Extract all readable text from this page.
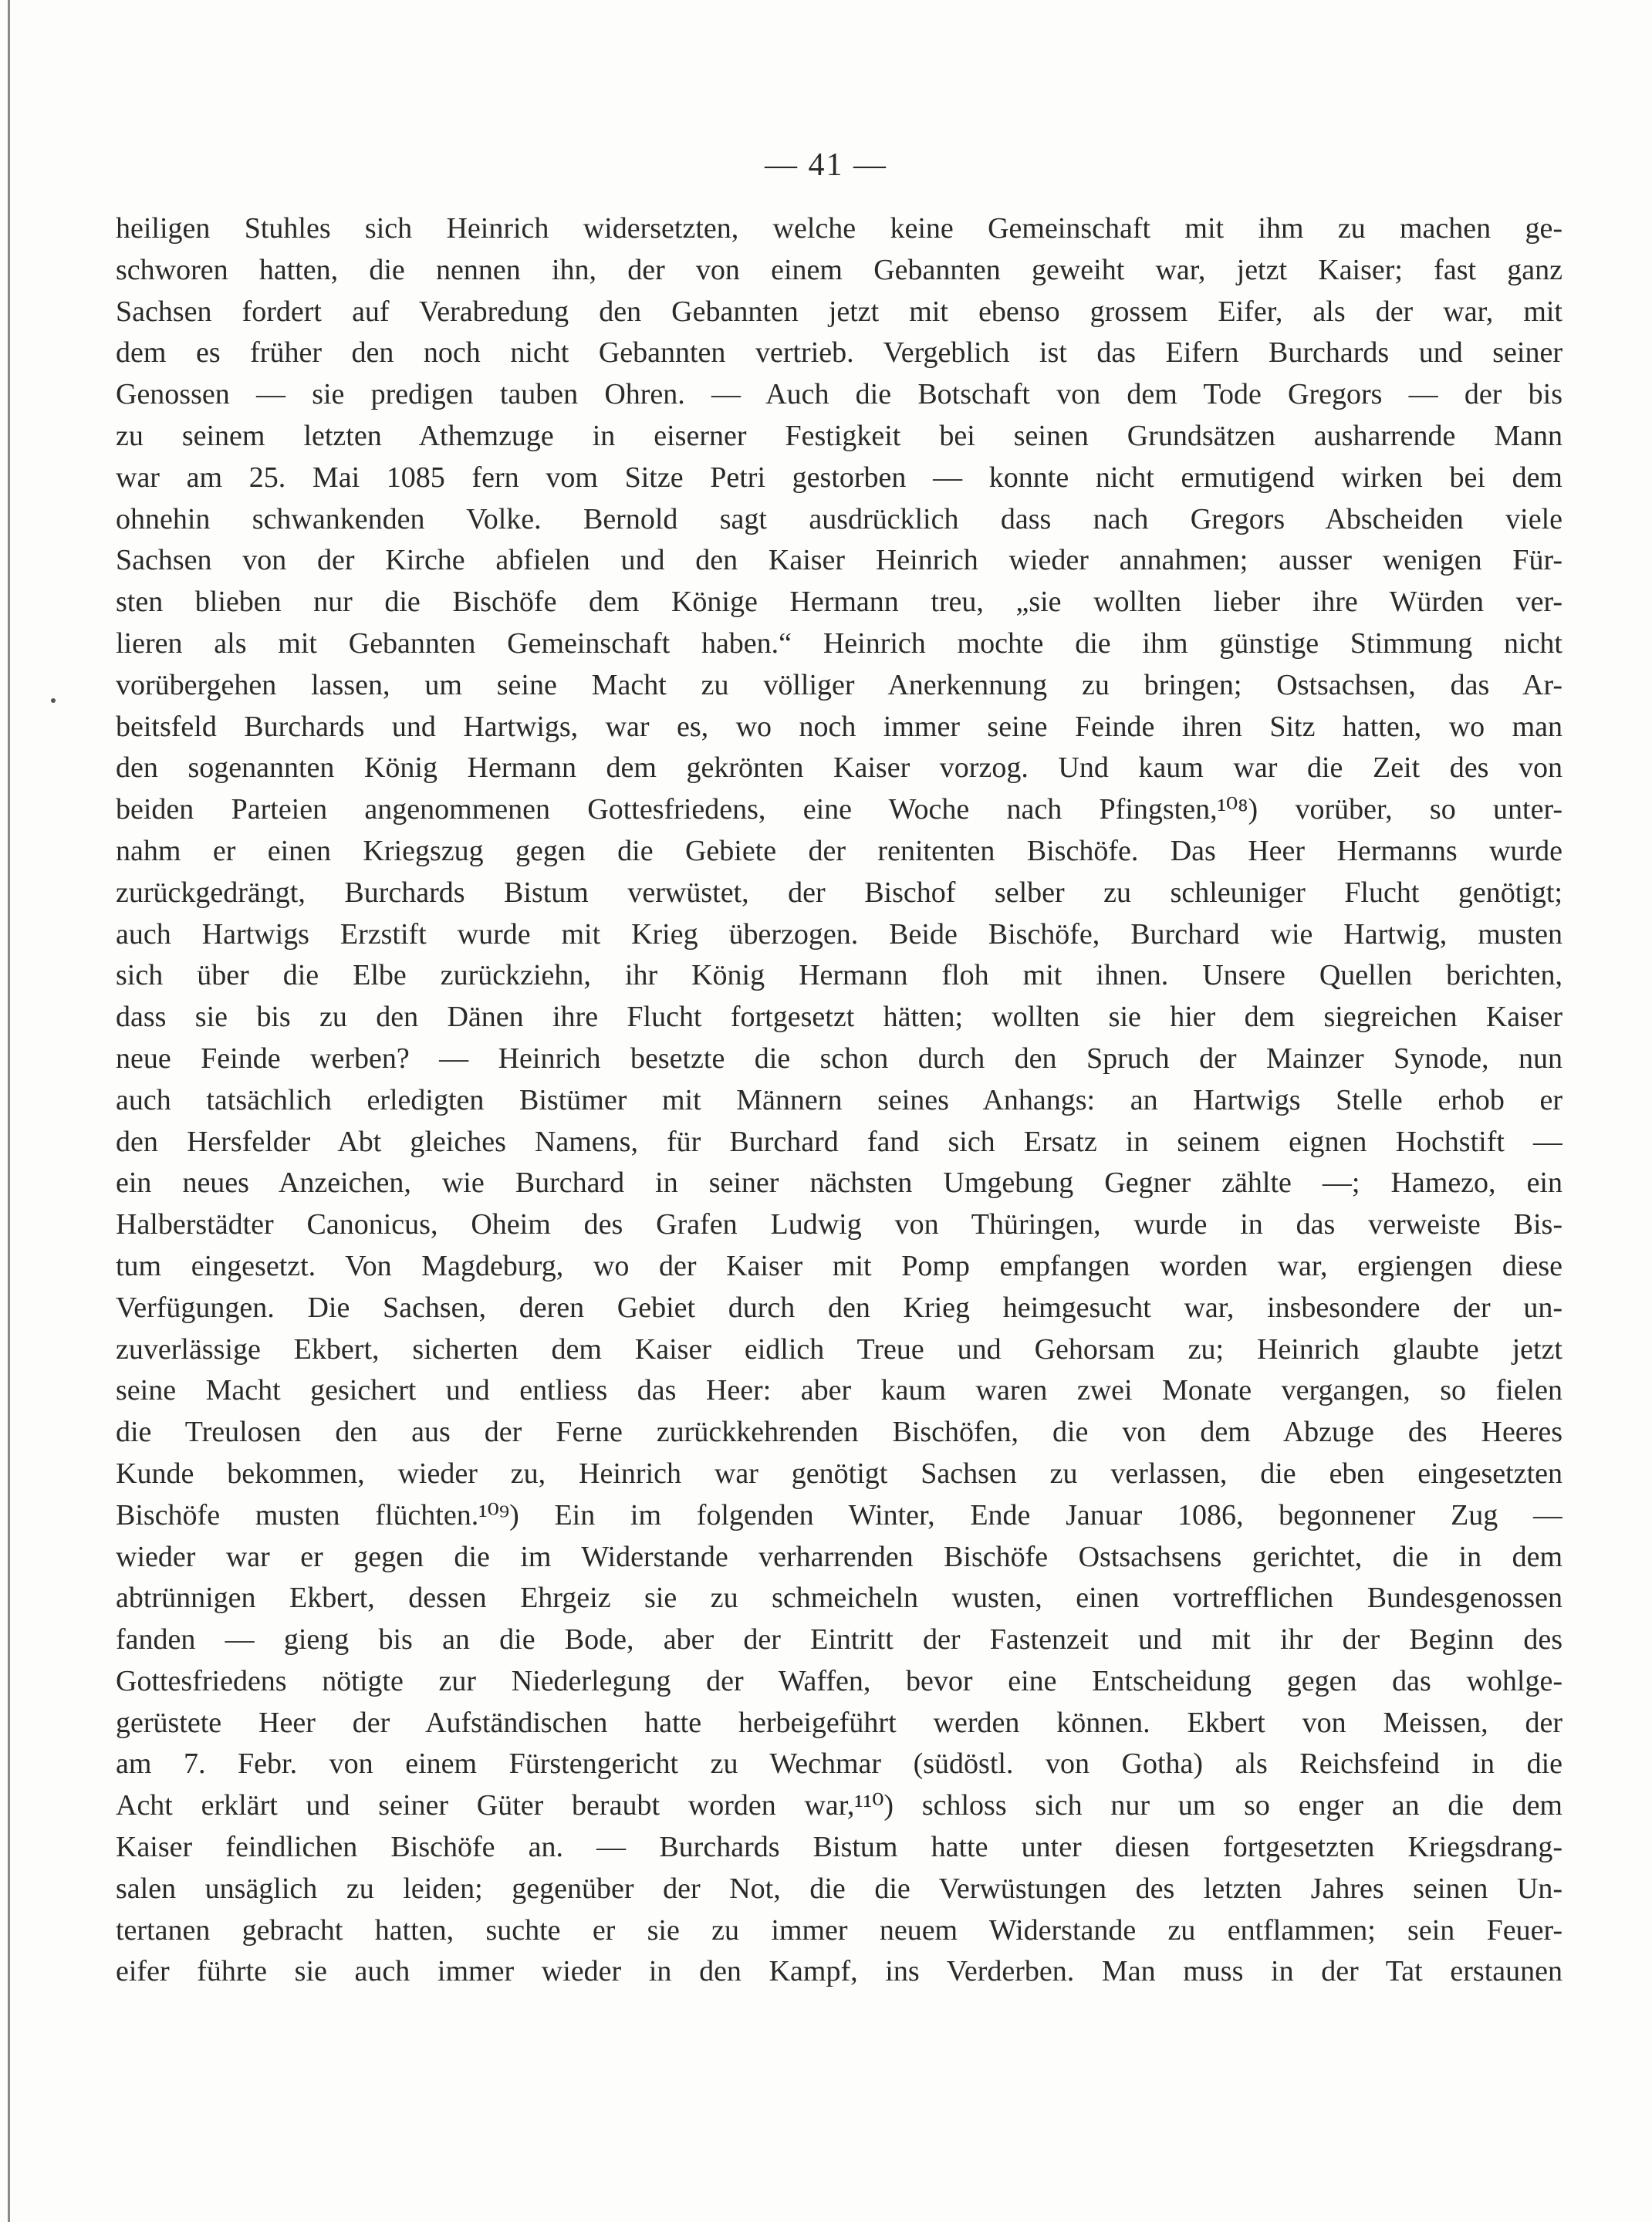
— 41 —
heiligen Stuhles sich Heinrich widersetzten, welche keine Gemeinschaft mit ihm zu machen ge-
schworen hatten, die nennen ihn, der von einem Gebannten geweiht war, jetzt Kaiser; fast ganz
Sachsen fordert auf Verabredung den Gebannten jetzt mit ebenso grossem Eifer, als der war, mit
dem es früher den noch nicht Gebannten vertrieb. Vergeblich ist das Eifern Burchards und seiner
Genossen — sie predigen tauben Ohren. — Auch die Botschaft von dem Tode Gregors — der bis
zu seinem letzten Athemzuge in eiserner Festigkeit bei seinen Grundsätzen ausharrende Mann
war am 25. Mai 1085 fern vom Sitze Petri gestorben — konnte nicht ermutigend wirken bei dem
ohnehin schwankenden Volke. Bernold sagt ausdrücklich dass nach Gregors Abscheiden viele
Sachsen von der Kirche abfielen und den Kaiser Heinrich wieder annahmen; ausser wenigen Für-
sten blieben nur die Bischöfe dem Könige Hermann treu, „sie wollten lieber ihre Würden ver-
lieren als mit Gebannten Gemeinschaft haben.“ Heinrich mochte die ihm günstige Stimmung nicht
vorübergehen lassen, um seine Macht zu völliger Anerkennung zu bringen; Ostsachsen, das Ar-
beitsfeld Burchards und Hartwigs, war es, wo noch immer seine Feinde ihren Sitz hatten, wo man
den sogenannten König Hermann dem gekrönten Kaiser vorzog. Und kaum war die Zeit des von
beiden Parteien angenommenen Gottesfriedens, eine Woche nach Pfingsten,¹⁰⁸) vorüber, so unter-
nahm er einen Kriegszug gegen die Gebiete der renitenten Bischöfe. Das Heer Hermanns wurde
zurückgedrängt, Burchards Bistum verwüstet, der Bischof selber zu schleuniger Flucht genötigt;
auch Hartwigs Erzstift wurde mit Krieg überzogen. Beide Bischöfe, Burchard wie Hartwig, musten
sich über die Elbe zurückziehn, ihr König Hermann floh mit ihnen. Unsere Quellen berichten,
dass sie bis zu den Dänen ihre Flucht fortgesetzt hätten; wollten sie hier dem siegreichen Kaiser
neue Feinde werben? — Heinrich besetzte die schon durch den Spruch der Mainzer Synode, nun
auch tatsächlich erledigten Bistümer mit Männern seines Anhangs: an Hartwigs Stelle erhob er
den Hersfelder Abt gleiches Namens, für Burchard fand sich Ersatz in seinem eignen Hochstift —
ein neues Anzeichen, wie Burchard in seiner nächsten Umgebung Gegner zählte —; Hamezo, ein
Halberstädter Canonicus, Oheim des Grafen Ludwig von Thüringen, wurde in das verweiste Bis-
tum eingesetzt. Von Magdeburg, wo der Kaiser mit Pomp empfangen worden war, ergiengen diese
Verfügungen. Die Sachsen, deren Gebiet durch den Krieg heimgesucht war, insbesondere der un-
zuverlässige Ekbert, sicherten dem Kaiser eidlich Treue und Gehorsam zu; Heinrich glaubte jetzt
seine Macht gesichert und entliess das Heer: aber kaum waren zwei Monate vergangen, so fielen
die Treulosen den aus der Ferne zurückkehrenden Bischöfen, die von dem Abzuge des Heeres
Kunde bekommen, wieder zu, Heinrich war genötigt Sachsen zu verlassen, die eben eingesetzten
Bischöfe musten flüchten.¹⁰⁹) Ein im folgenden Winter, Ende Januar 1086, begonnener Zug —
wieder war er gegen die im Widerstande verharrenden Bischöfe Ostsachsens gerichtet, die in dem
abtrünnigen Ekbert, dessen Ehrgeiz sie zu schmeicheln wusten, einen vortrefflichen Bundesgenossen
fanden — gieng bis an die Bode, aber der Eintritt der Fastenzeit und mit ihr der Beginn des
Gottesfriedens nötigte zur Niederlegung der Waffen, bevor eine Entscheidung gegen das wohlge-
gerüstete Heer der Aufständischen hatte herbeigeführt werden können. Ekbert von Meissen, der
am 7. Febr. von einem Fürstengericht zu Wechmar (südöstl. von Gotha) als Reichsfeind in die
Acht erklärt und seiner Güter beraubt worden war,¹¹⁰) schloss sich nur um so enger an die dem
Kaiser feindlichen Bischöfe an. — Burchards Bistum hatte unter diesen fortgesetzten Kriegsdrang-
salen unsäglich zu leiden; gegenüber der Not, die die Verwüstungen des letzten Jahres seinen Un-
tertanen gebracht hatten, suchte er sie zu immer neuem Widerstande zu entflammen; sein Feuer-
eifer führte sie auch immer wieder in den Kampf, ins Verderben. Man muss in der Tat erstaunen
